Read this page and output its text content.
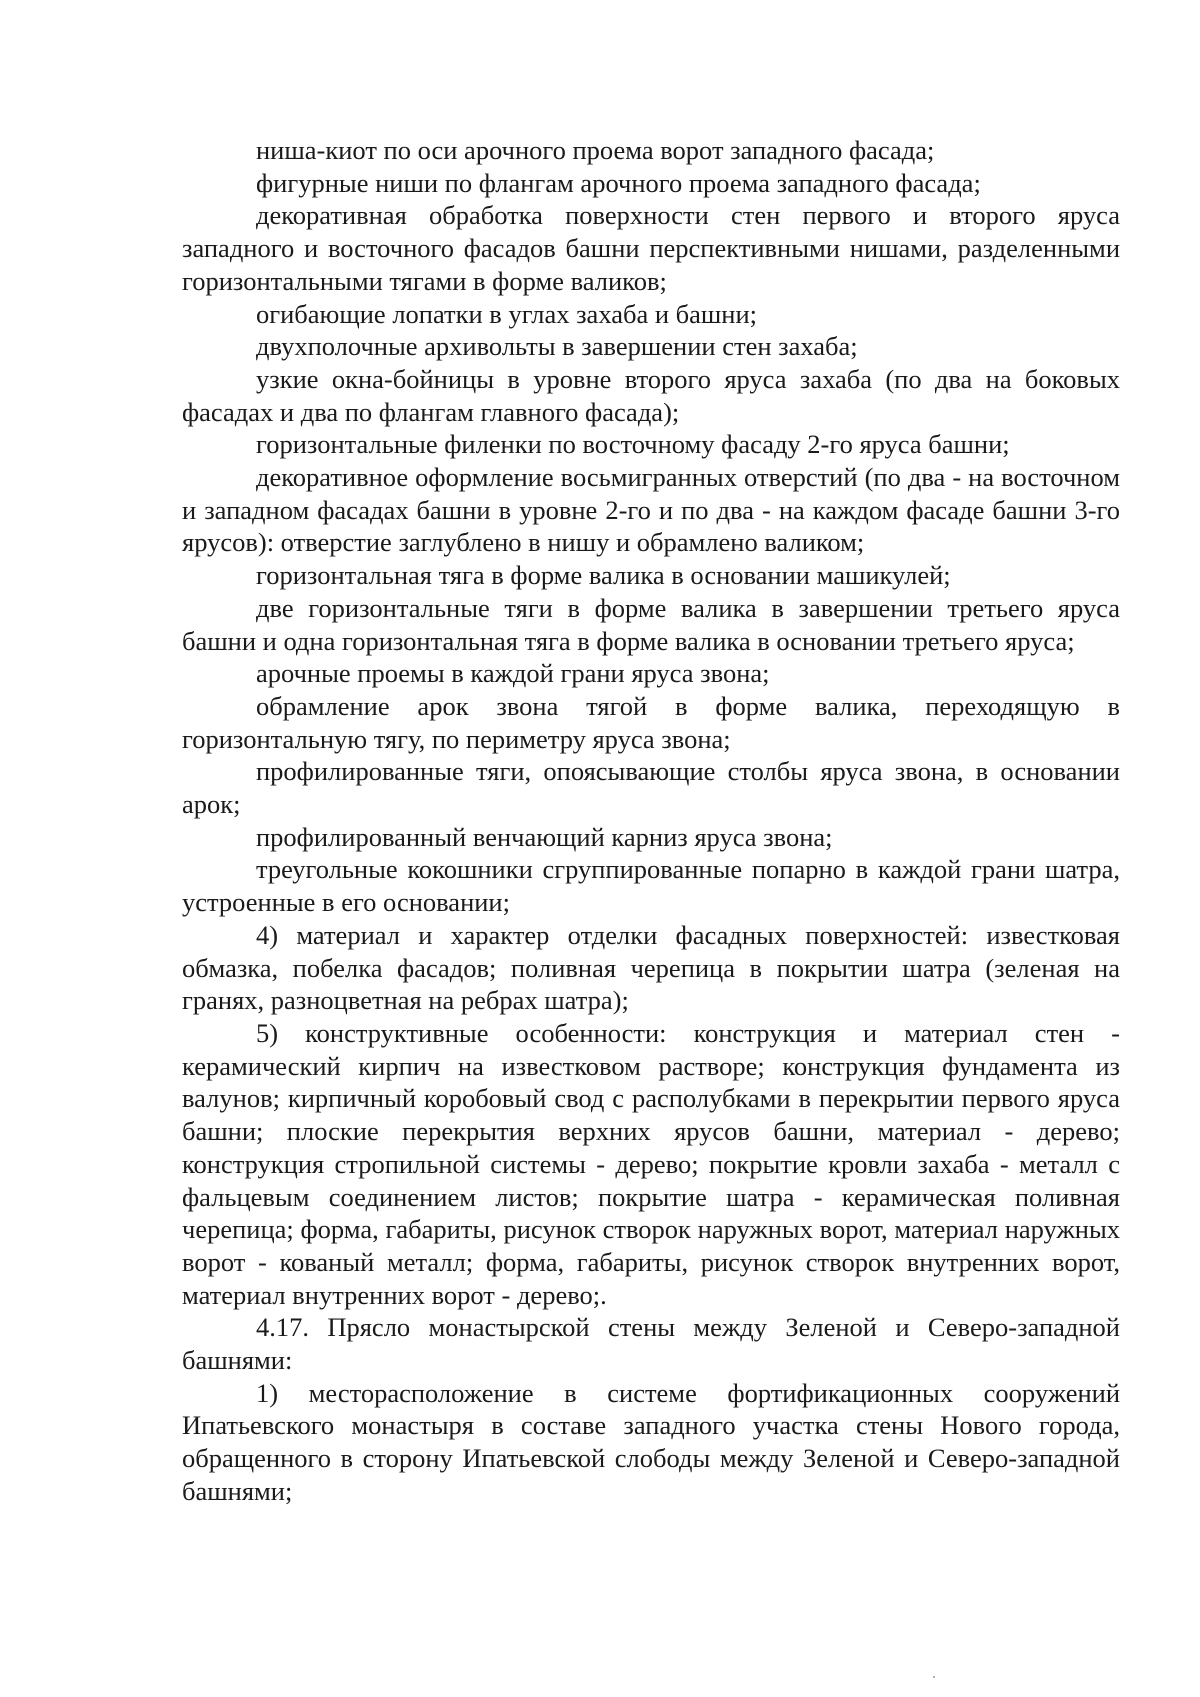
ниша-киот по оси арочного проема ворот западного фасада;

фигурные ниши по флангам арочного проема западного фасада;

декоративная обработка поверхности стен первого и второго яруса западного и восточного фасадов башни перспективными нишами, разделенными горизонтальными тягами в форме валиков;

огибающие лопатки в углах захаба и башни;

двухполочные архивольты в завершении стен захаба;

узкие окна-бойницы в уровне второго яруса захаба (по два на боковых фасадах и два по флангам главного фасада);

горизонтальные филенки по восточному фасаду 2-го яруса башни;

декоративное оформление восьмигранных отверстий (по два - на восточном и западном фасадах башни в уровне 2-го и по два - на каждом фасаде башни 3-го ярусов): отверстие заглублено в нишу и обрамлено валиком;

горизонтальная тяга в форме валика в основании машикулей;

две горизонтальные тяги в форме валика в завершении третьего яруса башни и одна горизонтальная тяга в форме валика в основании третьего яруса;

арочные проемы в каждой грани яруса звона;

обрамление арок звона тягой в форме валика, переходящую в горизонтальную тягу, по периметру яруса звона;

профилированные тяги, опоясывающие столбы яруса звона, в основании арок;

профилированный венчающий карниз яруса звона;

треугольные кокошники сгруппированные попарно в каждой грани шатра, устроенные в его основании;

4) материал и характер отделки фасадных поверхностей: известковая обмазка, побелка фасадов; поливная черепица в покрытии шатра (зеленая на гранях, разноцветная на ребрах шатра);

5) конструктивные особенности: конструкция и материал стен - керамический кирпич на известковом растворе; конструкция фундамента из валунов; кирпичный коробовый свод с располубками в перекрытии первого яруса башни; плоские перекрытия верхних ярусов башни, материал - дерево; конструкция стропильной системы - дерево; покрытие кровли захаба - металл с фальцевым соединением листов; покрытие шатра - керамическая поливная черепица; форма, габариты, рисунок створок наружных ворот, материал наружных ворот - кованый металл; форма, габариты, рисунок створок внутренних ворот, материал внутренних ворот - дерево;.

4.17. Прясло монастырской стены между Зеленой и Северо-западной башнями:

1) месторасположение в системе фортификационных сооружений Ипатьевского монастыря в составе западного участка стены Нового города, обращенного в сторону Ипатьевской слободы между Зеленой и Северо-западной башнями;
